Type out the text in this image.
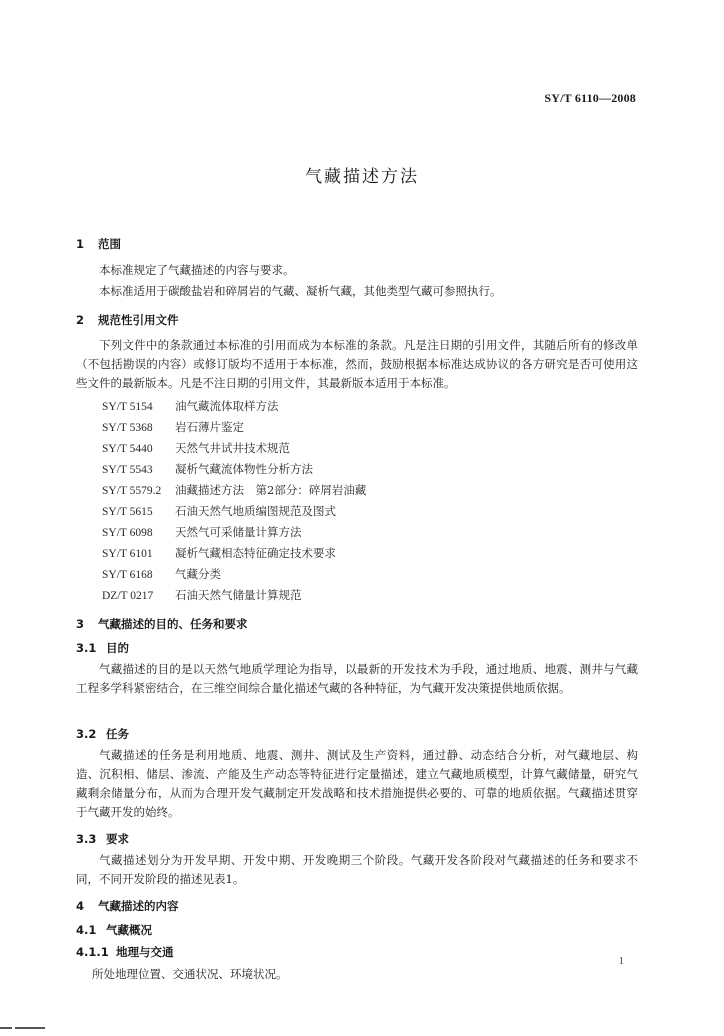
SY/T 6110—2008
气藏描述方法
1 范围
本标准规定了气藏描述的内容与要求。
本标准适用于碳酸盐岩和碎屑岩的气藏、凝析气藏，其他类型气藏可参照执行。
2 规范性引用文件
下列文件中的条款通过本标准的引用而成为本标准的条款。凡是注日期的引用文件，其随后所有的修改单（不包括勘误的内容）或修订版均不适用于本标准，然而，鼓励根据本标准达成协议的各方研究是否可使用这些文件的最新版本。凡是不注日期的引用文件，其最新版本适用于本标准。
SY/T 5154 油气藏流体取样方法
SY/T 5368 岩石薄片鉴定
SY/T 5440 天然气井试井技术规范
SY/T 5543 凝析气藏流体物性分析方法
SY/T 5579.2 油藏描述方法　第2部分：碎屑岩油藏
SY/T 5615 石油天然气地质编图规范及图式
SY/T 6098 天然气可采储量计算方法
SY/T 6101 凝析气藏相态特征确定技术要求
SY/T 6168 气藏分类
DZ/T 0217 石油天然气储量计算规范
3 气藏描述的目的、任务和要求
3.1 目的
气藏描述的目的是以天然气地质学理论为指导，以最新的开发技术为手段，通过地质、地震、测井与气藏工程多学科紧密结合，在三维空间综合量化描述气藏的各种特征，为气藏开发决策提供地质依据。
3.2 任务
气藏描述的任务是利用地质、地震、测井、测试及生产资料，通过静、动态结合分析，对气藏地层、构造、沉积相、储层、渗流、产能及生产动态等特征进行定量描述，建立气藏地质模型，计算气藏储量，研究气藏剩余储量分布，从而为合理开发气藏制定开发战略和技术措施提供必要的、可靠的地质依据。气藏描述贯穿于气藏开发的始终。
3.3 要求
气藏描述划分为开发早期、开发中期、开发晚期三个阶段。气藏开发各阶段对气藏描述的任务和要求不同，不同开发阶段的描述见表1。
4 气藏描述的内容
4.1 气藏概况
4.1.1 地理与交通
所处地理位置、交通状况、环境状况。
1
